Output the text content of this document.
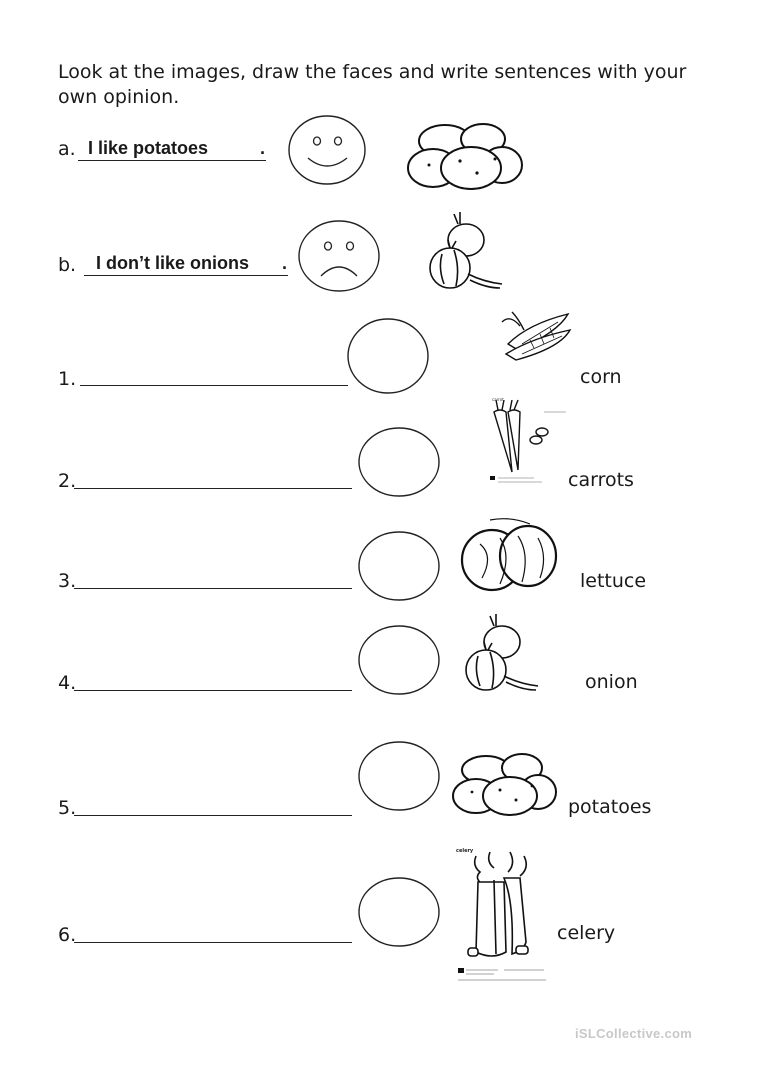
Look at the images, draw the faces and write sentences with your own opinion.
a. I like potatoes	.
b. I don’t like onions .
1.	corn
2.
carrot
carrots
3.	lettuce
4.	onion
5.	potatoes
6.
celery
celery
iSLCollective.com
